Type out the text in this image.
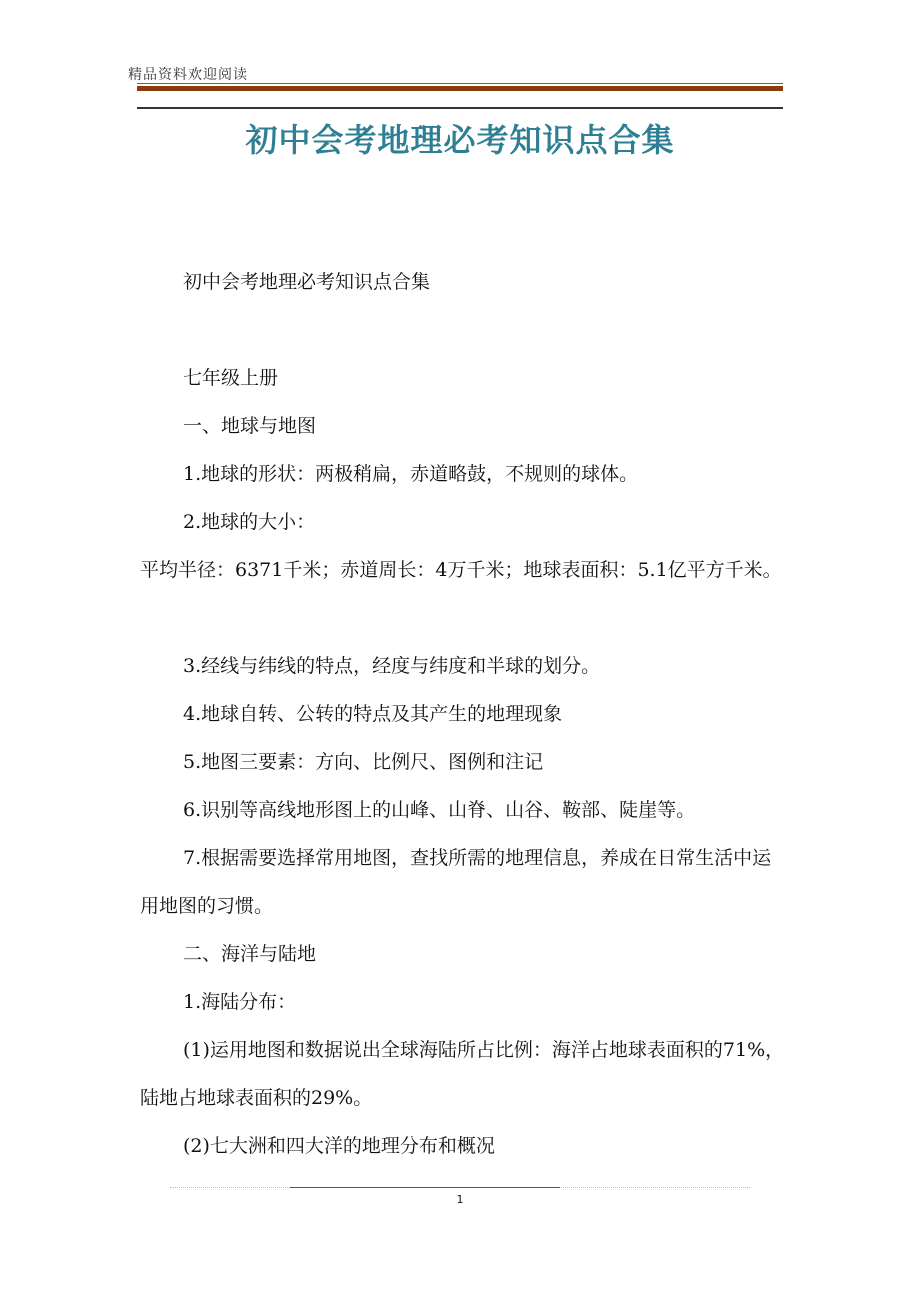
精品资料欢迎阅读
初中会考地理必考知识点合集
初中会考地理必考知识点合集
七年级上册
一、地球与地图
1.地球的形状：两极稍扁，赤道略鼓，不规则的球体。
2.地球的大小：
平均半径：6371千米；赤道周长：4万千米；地球表面积：5.1亿平方千米。
3.经线与纬线的特点，经度与纬度和半球的划分。
4.地球自转、公转的特点及其产生的地理现象
5.地图三要素：方向、比例尺、图例和注记
6.识别等高线地形图上的山峰、山脊、山谷、鞍部、陡崖等。
7.根据需要选择常用地图，查找所需的地理信息，养成在日常生活中运用地图的习惯。
二、海洋与陆地
1.海陆分布：
(1)运用地图和数据说出全球海陆所占比例：海洋占地球表面积的71%，陆地占地球表面积的29%。
(2)七大洲和四大洋的地理分布和概况
1
